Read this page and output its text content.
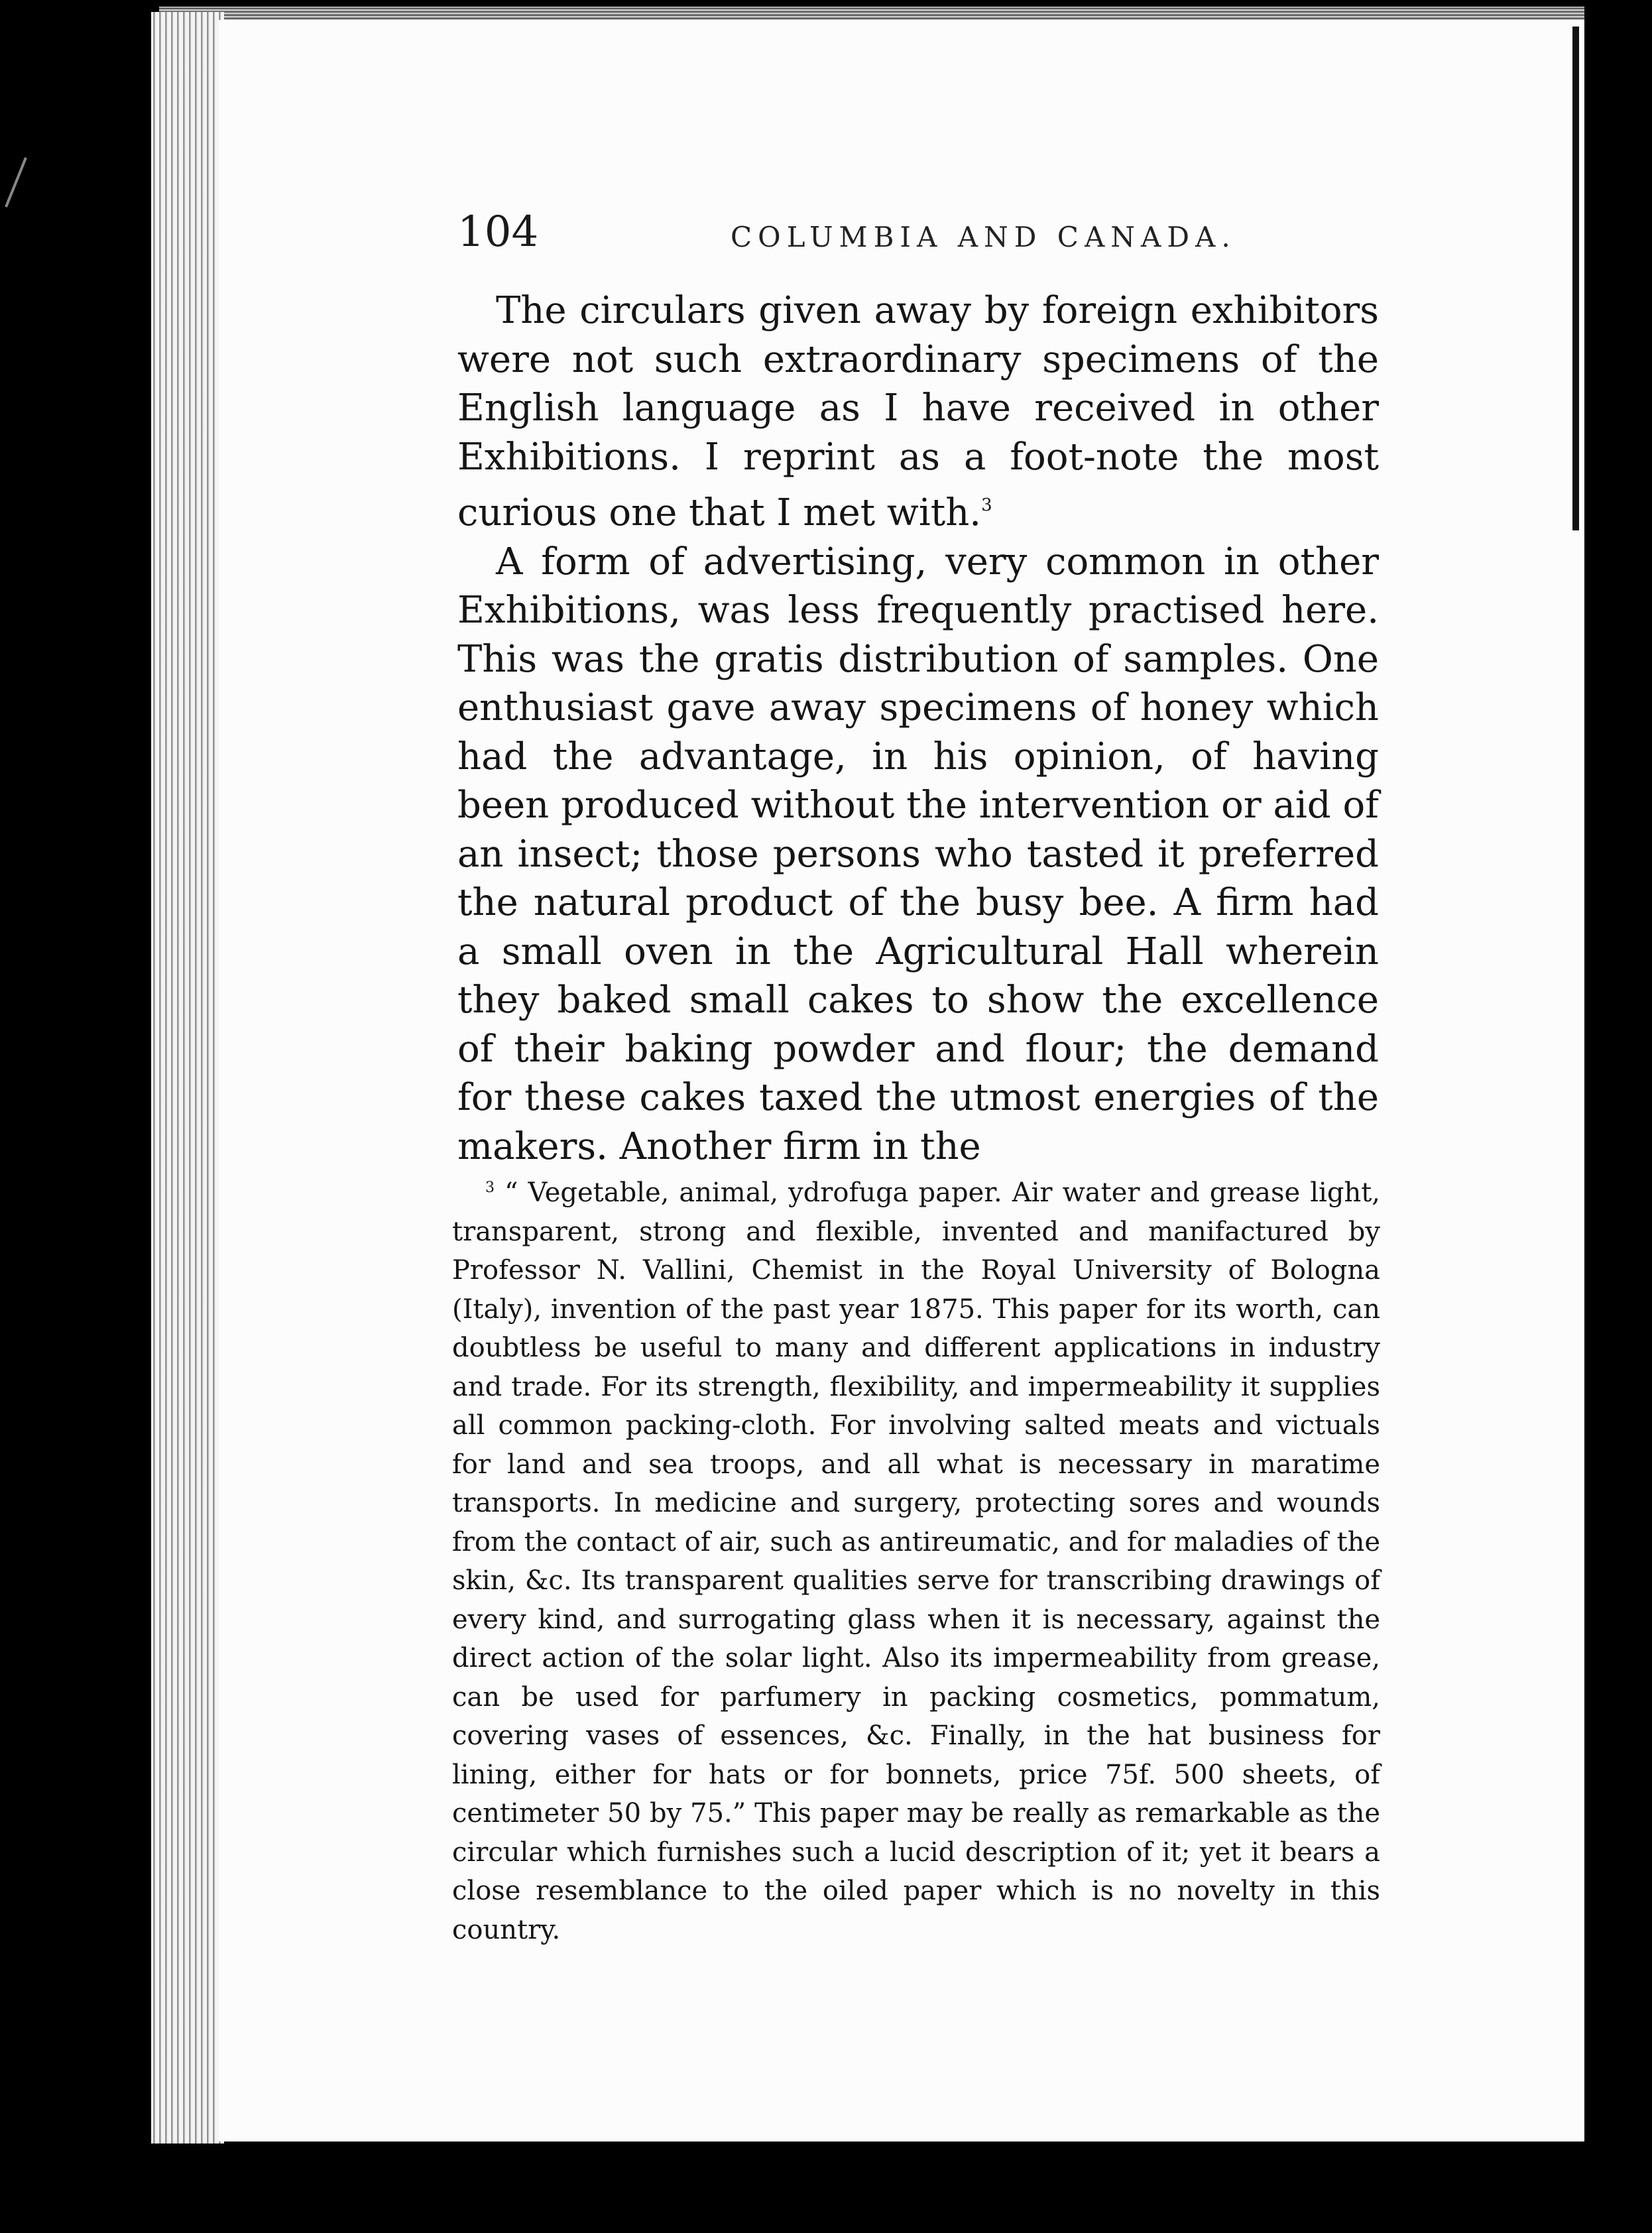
104	COLUMBIA AND CANADA.

The circulars given away by foreign exhibitors were not such extraordinary specimens of the English language as I have received in other Exhibitions. I reprint as a foot-note the most curious one that I met with.$^3$

A form of advertising, very common in other Exhibitions, was less frequently practised here. This was the gratis distribution of samples. One enthusiast gave away specimens of honey which had the advantage, in his opinion, of having been produced without the intervention or aid of an insect; those persons who tasted it preferred the natural product of the busy bee. A firm had a small oven in the Agricultural Hall wherein they baked small cakes to show the excellence of their baking powder and flour; the demand for these cakes taxed the utmost energies of the makers. Another firm in the

$^3$ “ Vegetable, animal, ydrofuga paper. Air water and grease light, transparent, strong and flexible, invented and manifactured by Professor N. Vallini, Chemist in the Royal University of Bologna (Italy), invention of the past year 1875. This paper for its worth, can doubtless be useful to many and different applications in industry and trade. For its strength, flexibility, and impermeability it supplies all common packing-cloth. For involving salted meats and victuals for land and sea troops, and all what is necessary in maratime transports. In medicine and surgery, protecting sores and wounds from the contact of air, such as antireumatic, and for maladies of the skin, &c. Its transparent qualities serve for transcribing drawings of every kind, and surrogating glass when it is necessary, against the direct action of the solar light. Also its impermeability from grease, can be used for parfumery in packing cosmetics, pommatum, covering vases of essences, &c. Finally, in the hat business for lining, either for hats or for bonnets, price 75f. 500 sheets, of centimeter 50 by 75.” This paper may be really as remarkable as the circular which furnishes such a lucid description of it; yet it bears a close resemblance to the oiled paper which is no novelty in this country.
